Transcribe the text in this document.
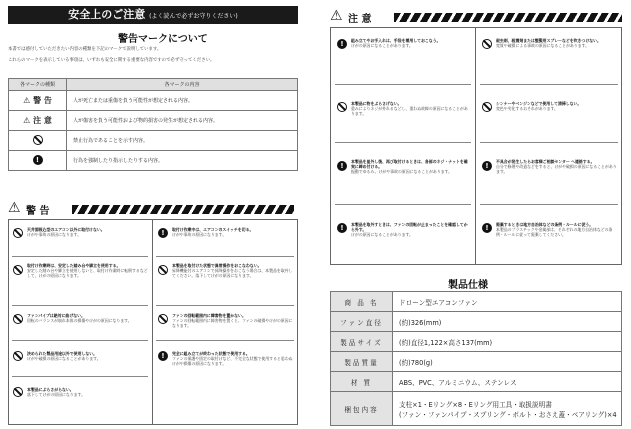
安全上のご注意 (よく読んで必ずお守りください)
警告マークについて
本書では感付していただきたい内容の種類を下記のマークで説明しています。
これらのマークを表示している事項は、いずれも安全に関する重要な内容ですので必ず守ってください。
各マークの種類	各マークの内容
⚠ 警 告	人が死亡または重傷を負う可能性が想定される内容。
⚠ 注 意	人が傷害を負う可能性および物的損害の発生が想定される内容。

	禁止行為であることを示す内容。

!	行為を強制したり指示したりする内容。
⚠ 警 告
天井面吸込型のエアコン以外に取付けない。
けがや事故の原因になります。
取付け作業時は、安定した踏み台や脚立を使用する。
安定した踏み台や脚立を使用しないと、取付け作業時に転倒するなどして、けがの原因になります。
ファンパイプは絶対に曲げない。
回転のバランスが崩れ本体の損傷やけがの原因になります。
決められた製品用途以外で使用しない。
けがや破損の原因になることがあります。
本製品にぶらさがらない。
落下してけがの原因になります。
!	取付け作業中は、エアコンのスイッチを切る。
けがや事故の原因になります。
本製品を取付けた状態で異常操作をおこなわない。
昇降機能付のエアコンで昇降操作をおこなう場合は、本製品を取外してください。落下してけがの原因になります。
ファンの回転範囲内に障害物を置かない。
ファンの回転範囲内に障害物を置くと、ファンの破損やけがの原因になります。
!	完全に組み立てが終わった状態で使用する。
ファンの保護や固定の取付けなど、不完全な状態で使用すると思わぬけがや損傷の原因になります。
⚠ 注 意
!	組み立てやお手入れは、手袋を着用しておこなう。
けがの原因になることがあります。
本製品に物をぶらさげない。
重みによりネジが外れるなどし、重わぬ故障の原因になることがあります。
!
本製品を星外し後、再び取付けるときは、各部のネジ・ナットを確実に締め付ける。
振動でゆるみ、けがや事故の原因になることがあります。
!	本製品を取外すときは、ファンの回転が止まったことを確認してから外す。
けがの原因になることがあります。
殺虫剤、殺菌剤または整髪用スプレーなどを吹きつけない。
変質や破損による事故の原因になることがあります。
シンナーやベンジンなどで使用して清掃しない。
変色や劣化するおそれがあります。
!
不具合が発生したらお客様ご相談センター へ連絡する。
自分で修理や改造などをすると、けがや破損の原因になることがあります。
!	廃棄するときは地方自治体などの条例・ルールに従う。
本製品のプラスチックや金属部は、それぞれの地方自治体などの条例・ルールに従って廃棄してください。
製品仕様
商 品 名	ドローン型エアコンファン
ファン直径	(約)326(mm)
製品サイズ	(約)直径1,122×高さ137(mm)
製品質量	(約)780(g)
材 質	ABS、PVC、アルミニウム、ステンレス
梱包内容	支柱×1・Eリング×8・Eリング用工具・取扱説明書
(ファン・ファンパイプ・スプリング・ボルト・おさえ蓋・ベアリング)×4
